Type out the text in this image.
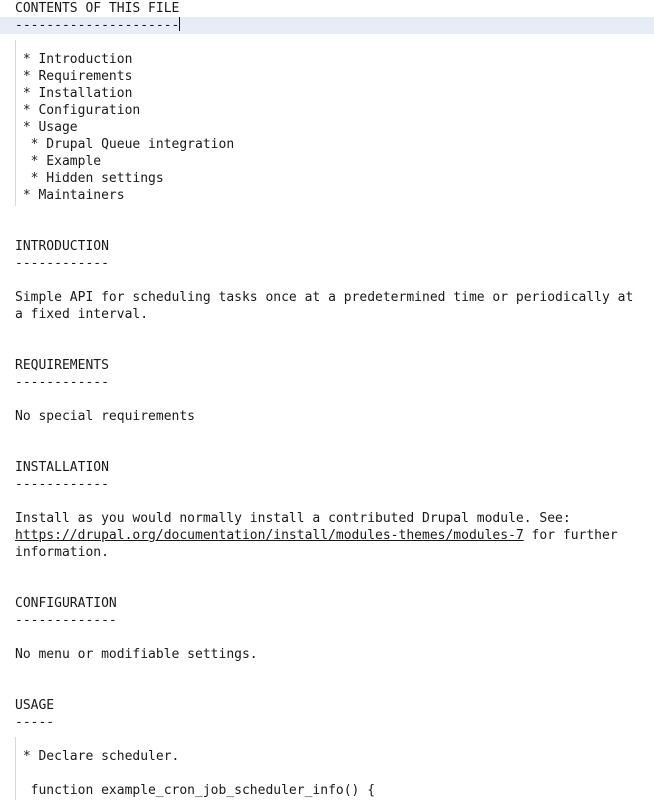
CONTENTS OF THIS FILE
---------------------
* Introduction
* Requirements
* Installation
* Configuration
* Usage
* Drupal Queue integration
* Example
* Hidden settings
* Maintainers
INTRODUCTION
------------
Simple API for scheduling tasks once at a predetermined time or periodically at
a fixed interval.
REQUIREMENTS
------------
No special requirements
INSTALLATION
------------
Install as you would normally install a contributed Drupal module. See:
https://drupal.org/documentation/install/modules-themes/modules-7 for further
information.
CONFIGURATION
-------------
No menu or modifiable settings.
USAGE
-----
* Declare scheduler.
function example_cron_job_scheduler_info() {
